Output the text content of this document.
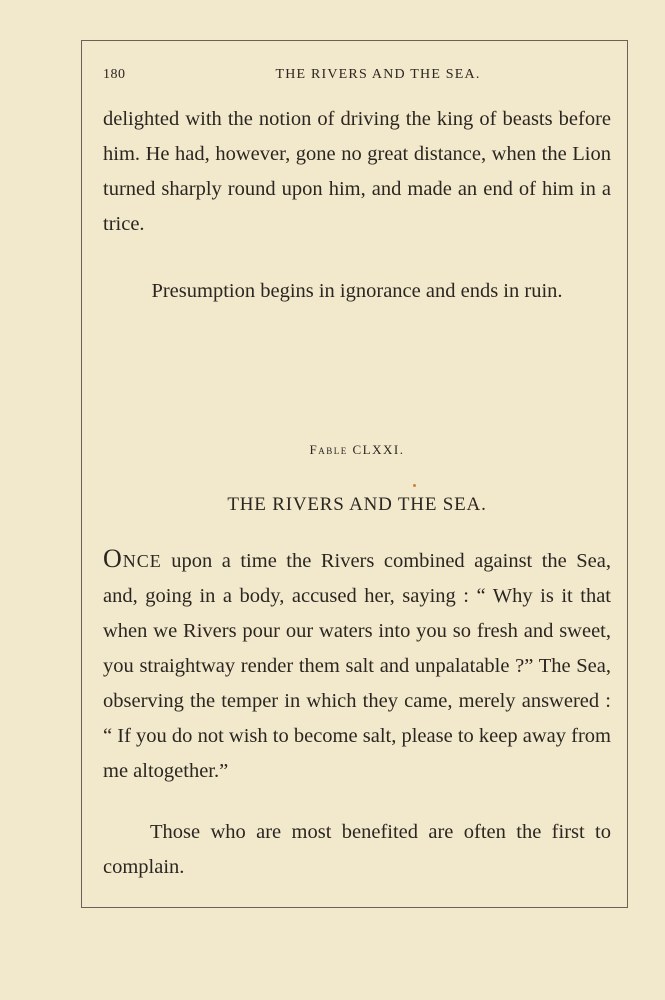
180	THE RIVERS AND THE SEA.

delighted with the notion of driving the king of beasts before him. He had, however, gone no great distance, when the Lion turned sharply round upon him, and made an end of him in a trice.

Presumption begins in ignorance and ends in ruin.

Fable CLXXI.

THE RIVERS AND THE SEA.

Once upon a time the Rivers combined against the Sea, and, going in a body, accused her, saying : “ Why is it that when we Rivers pour our waters into you so fresh and sweet, you straightway render them salt and unpalatable ?” The Sea, observing the temper in which they came, merely answered : “ If you do not wish to become salt, please to keep away from me altogether.”

Those who are most benefited are often the first to complain.
